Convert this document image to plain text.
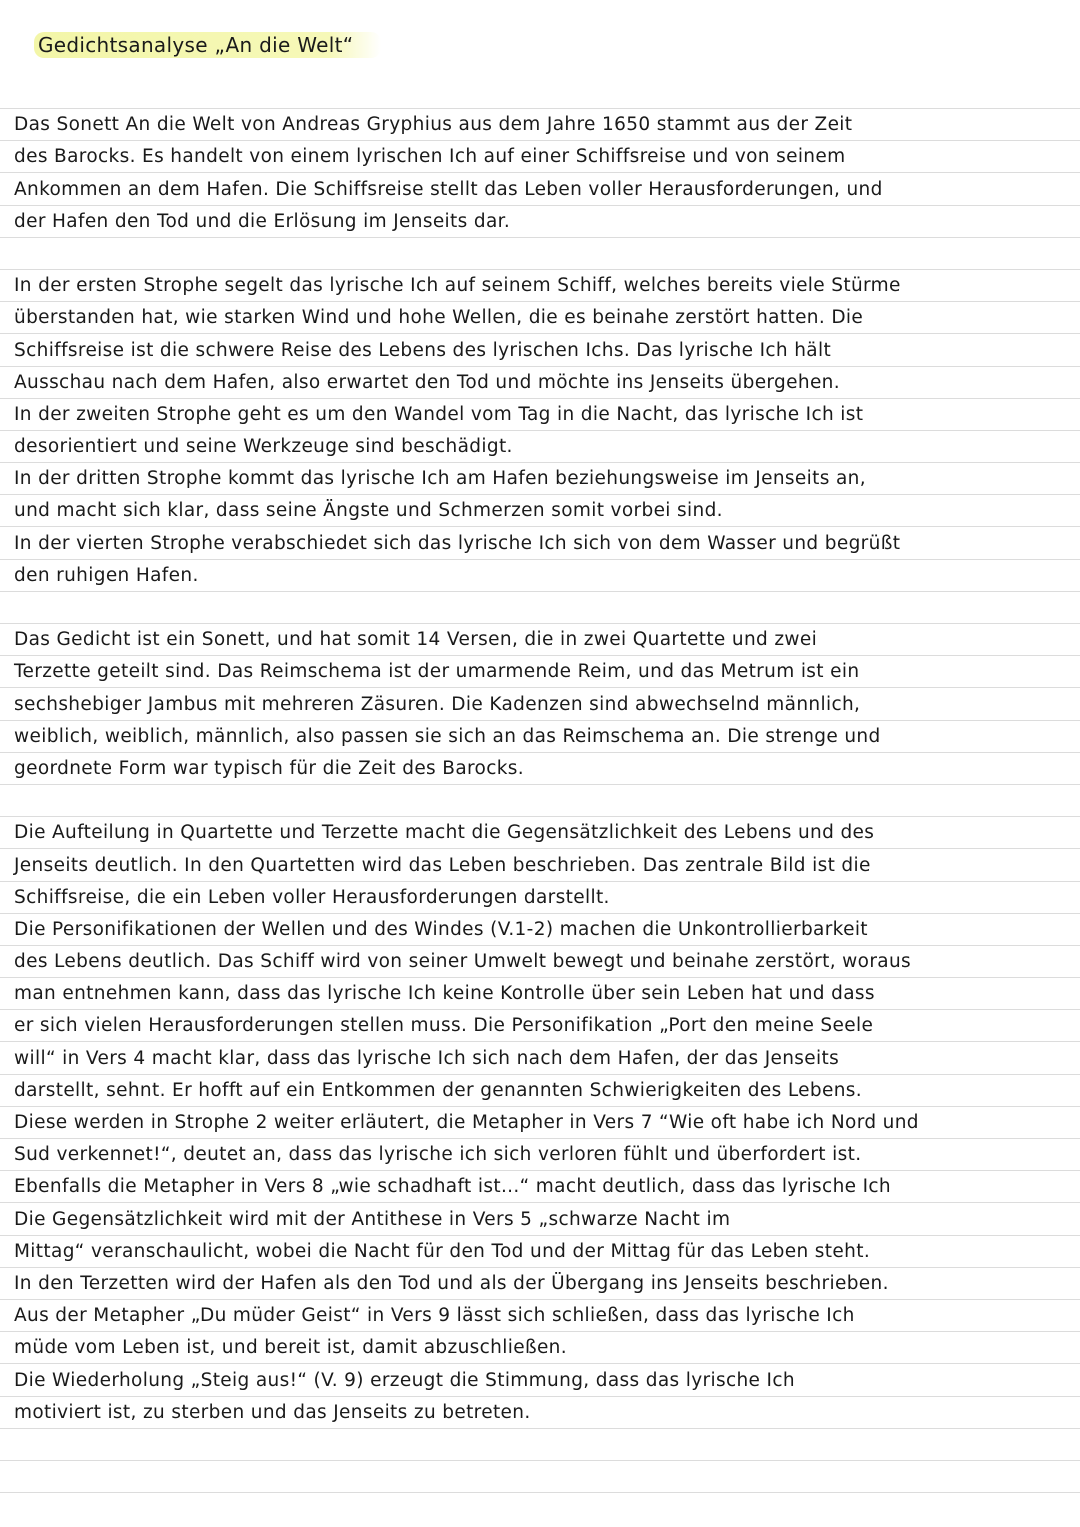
Gedichtsanalyse „An die Welt“
Das Sonett An die Welt von Andreas Gryphius aus dem Jahre 1650 stammt aus der Zeit
des Barocks. Es handelt von einem lyrischen Ich auf einer Schiffsreise und von seinem
Ankommen an dem Hafen. Die Schiffsreise stellt das Leben voller Herausforderungen, und
der Hafen den Tod und die Erlösung im Jenseits dar.
In der ersten Strophe segelt das lyrische Ich auf seinem Schiff, welches bereits viele Stürme
überstanden hat, wie starken Wind und hohe Wellen, die es beinahe zerstört hatten. Die
Schiffsreise ist die schwere Reise des Lebens des lyrischen Ichs. Das lyrische Ich hält
Ausschau nach dem Hafen, also erwartet den Tod und möchte ins Jenseits übergehen.
In der zweiten Strophe geht es um den Wandel vom Tag in die Nacht, das lyrische Ich ist
desorientiert und seine Werkzeuge sind beschädigt.
In der dritten Strophe kommt das lyrische Ich am Hafen beziehungsweise im Jenseits an,
und macht sich klar, dass seine Ängste und Schmerzen somit vorbei sind.
In der vierten Strophe verabschiedet sich das lyrische Ich sich von dem Wasser und begrüßt
den ruhigen Hafen.
Das Gedicht ist ein Sonett, und hat somit 14 Versen, die in zwei Quartette und zwei
Terzette geteilt sind. Das Reimschema ist der umarmende Reim, und das Metrum ist ein
sechshebiger Jambus mit mehreren Zäsuren. Die Kadenzen sind abwechselnd männlich,
weiblich, weiblich, männlich, also passen sie sich an das Reimschema an. Die strenge und
geordnete Form war typisch für die Zeit des Barocks.
Die Aufteilung in Quartette und Terzette macht die Gegensätzlichkeit des Lebens und des
Jenseits deutlich. In den Quartetten wird das Leben beschrieben. Das zentrale Bild ist die
Schiffsreise, die ein Leben voller Herausforderungen darstellt.
Die Personifikationen der Wellen und des Windes (V.1-2) machen die Unkontrollierbarkeit
des Lebens deutlich. Das Schiff wird von seiner Umwelt bewegt und beinahe zerstört, woraus
man entnehmen kann, dass das lyrische Ich keine Kontrolle über sein Leben hat und dass
er sich vielen Herausforderungen stellen muss. Die Personifikation „Port den meine Seele
will“ in Vers 4 macht klar, dass das lyrische Ich sich nach dem Hafen, der das Jenseits
darstellt, sehnt. Er hofft auf ein Entkommen der genannten Schwierigkeiten des Lebens.
Diese werden in Strophe 2 weiter erläutert, die Metapher in Vers 7 “Wie oft habe ich Nord und
Sud verkennet!“, deutet an, dass das lyrische ich sich verloren fühlt und überfordert ist.
Ebenfalls die Metapher in Vers 8 „wie schadhaft ist...“ macht deutlich, dass das lyrische Ich
Die Gegensätzlichkeit wird mit der Antithese in Vers 5 „schwarze Nacht im
Mittag“ veranschaulicht, wobei die Nacht für den Tod und der Mittag für das Leben steht.
In den Terzetten wird der Hafen als den Tod und als der Übergang ins Jenseits beschrieben.
Aus der Metapher „Du müder Geist“ in Vers 9 lässt sich schließen, dass das lyrische Ich
müde vom Leben ist, und bereit ist, damit abzuschließen.
Die Wiederholung „Steig aus!“ (V. 9) erzeugt die Stimmung, dass das lyrische Ich
motiviert ist, zu sterben und das Jenseits zu betreten.
